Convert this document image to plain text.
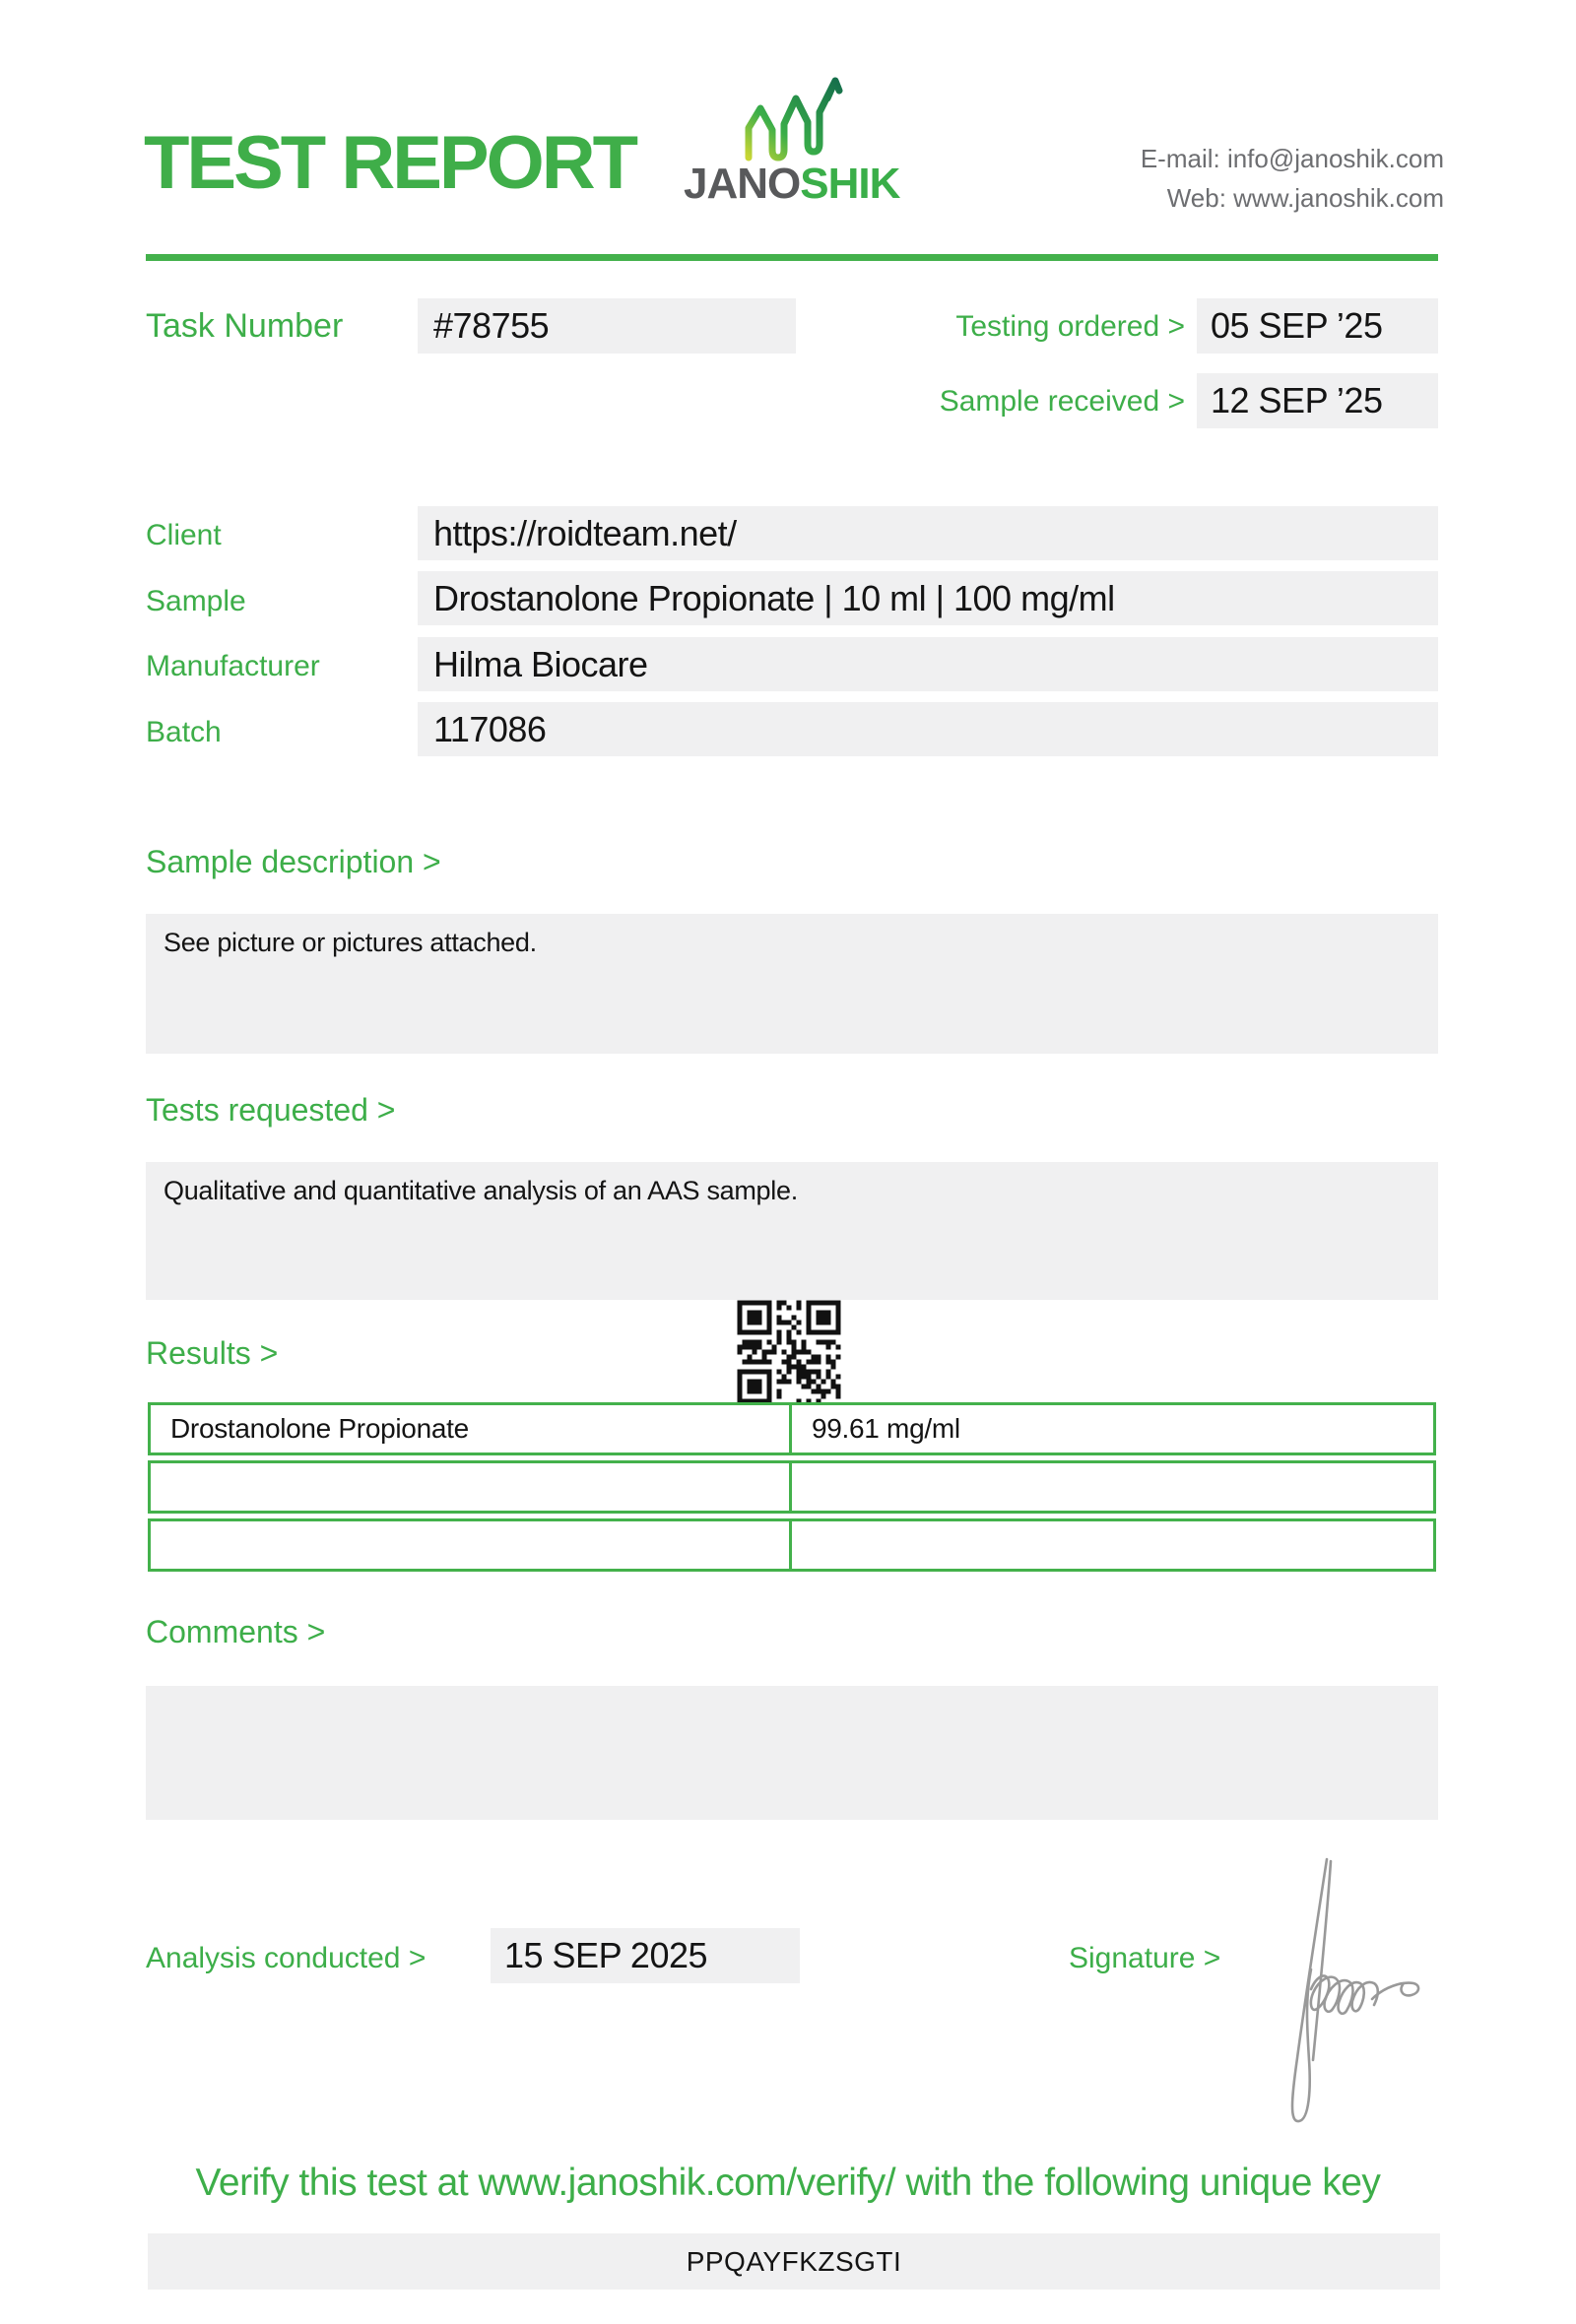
TEST REPORT JANOSHIK
E-mail: info@janoshik.com
Web: www.janoshik.com
Task Number	#78755	Testing ordered > 05 SEP ’25
Sample received > 12 SEP ’25
Client	https://roidteam.net/
Sample	Drostanolone Propionate | 10 ml | 100 mg/ml
Manufacturer	Hilma Biocare
Batch	117086
Sample description >
See picture or pictures attached.
Tests requested >
Qualitative and quantitative analysis of an AAS sample.
Results >
Drostanolone Propionate	99.61 mg/ml
Comments >
Analysis conducted >	15 SEP 2025	Signature >
Verify this test at www.janoshik.com/verify/ with the following unique key
PPQAYFKZSGTI
